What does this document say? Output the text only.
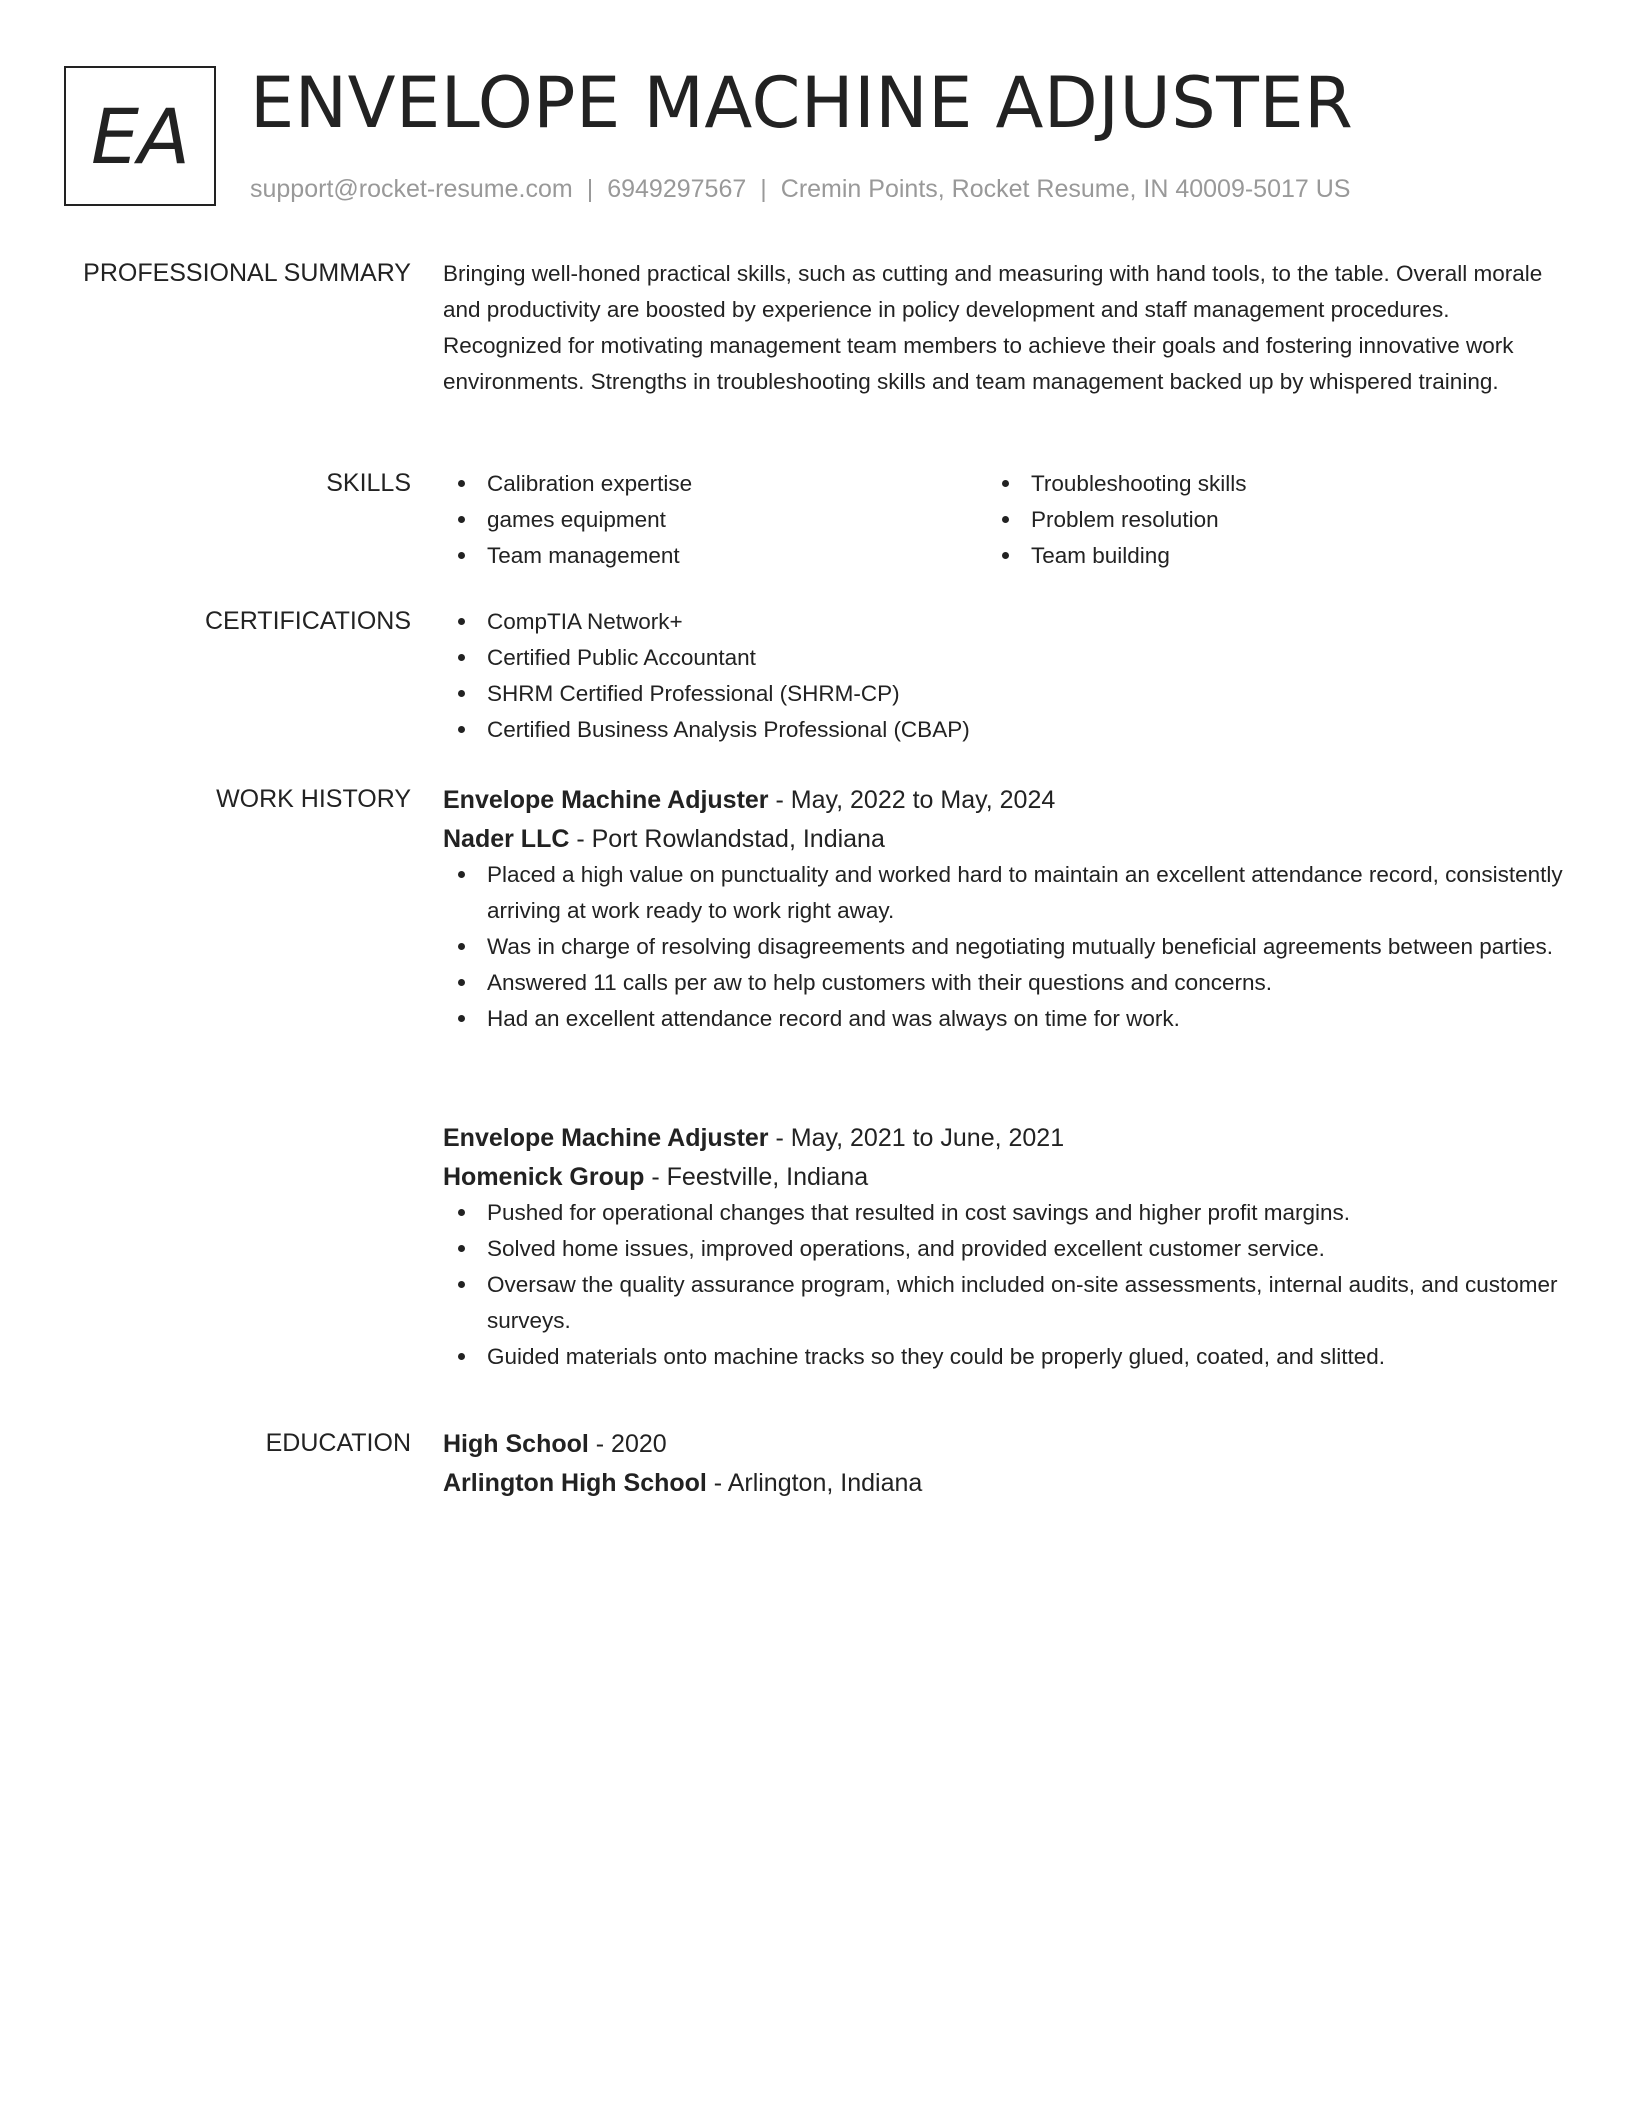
EA ENVELOPE MACHINE ADJUSTER
support@rocket-resume.com | 6949297567 | Cremin Points, Rocket Resume, IN 40009-5017 US
PROFESSIONAL SUMMARY Bringing well-honed practical skills, such as cutting and measuring with hand tools, to the table. Overall morale and productivity are boosted by experience in policy development and staff management procedures. Recognized for motivating management team members to achieve their goals and fostering innovative work environments. Strengths in troubleshooting skills and team management backed up by whispered training.

SKILLS	Calibration expertise
games equipment
Team management
Troubleshooting skills
Problem resolution
Team building
CERTIFICATIONS	CompTIA Network+
Certified Public Accountant
SHRM Certified Professional (SHRM-CP)
Certified Business Analysis Professional (CBAP)
WORK HISTORY Envelope Machine Adjuster - May, 2022 to May, 2024
Nader LLC - Port Rowlandstad, Indiana
Placed a high value on punctuality and worked hard to maintain an excellent attendance record, consistently arriving at work ready to work right away.
Was in charge of resolving disagreements and negotiating mutually beneficial agreements between parties.
Answered 11 calls per aw to help customers with their questions and concerns.
Had an excellent attendance record and was always on time for work.
Envelope Machine Adjuster - May, 2021 to June, 2021
Homenick Group - Feestville, Indiana
Pushed for operational changes that resulted in cost savings and higher profit margins.
Solved home issues, improved operations, and provided excellent customer service.
Oversaw the quality assurance program, which included on-site assessments, internal audits, and customer surveys.
Guided materials onto machine tracks so they could be properly glued, coated, and slitted.
EDUCATION High School - 2020
Arlington High School - Arlington, Indiana
